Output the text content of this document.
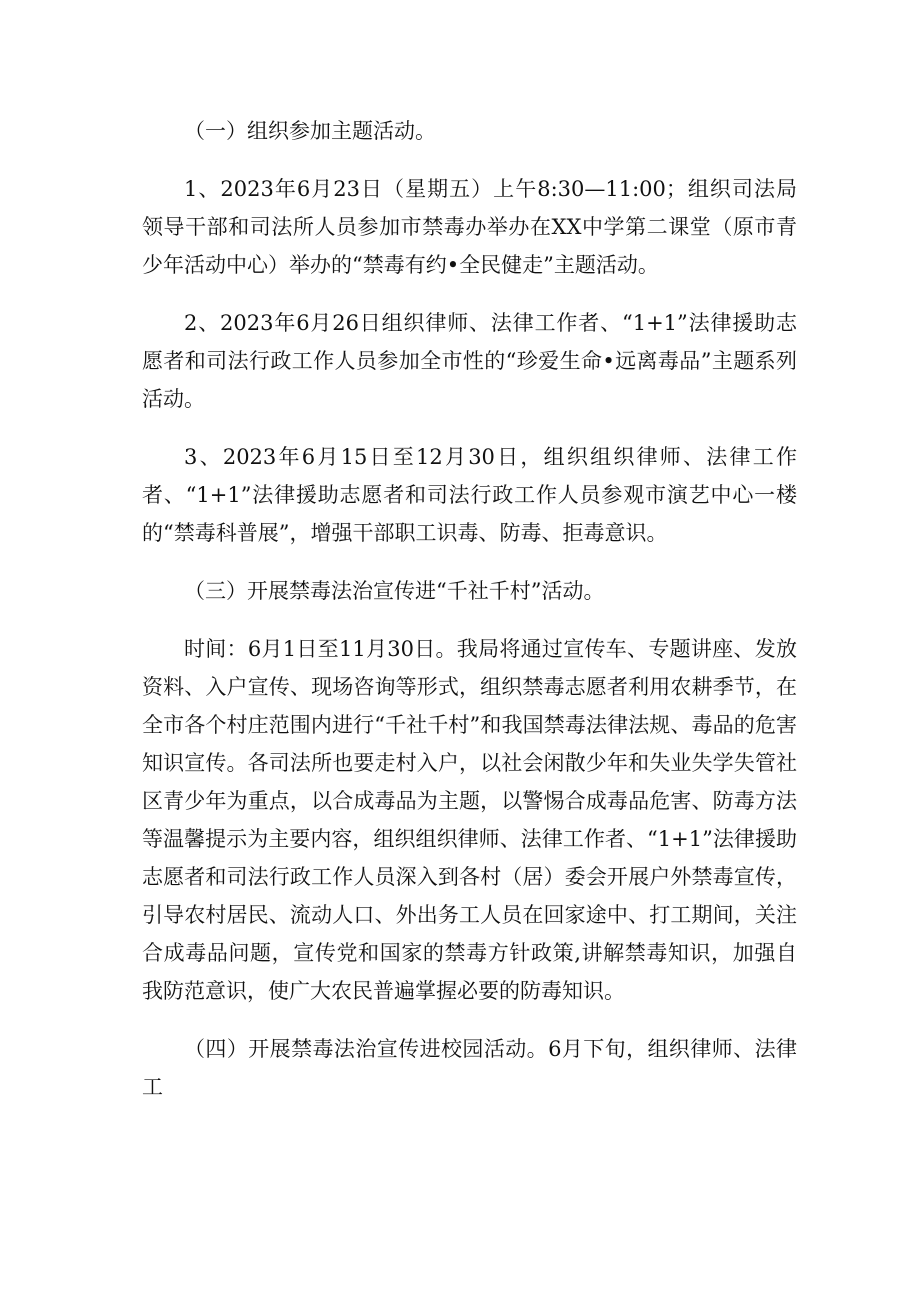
（一）组织参加主题活动。

1、2023年6月23日（星期五）上午8:30—11:00；组织司法局领导干部和司法所人员参加市禁毒办举办在XX中学第二课堂（原市青少年活动中心）举办的“禁毒有约•全民健走”主题活动。

2、2023年6月26日组织律师、法律工作者、“1+1”法律援助志愿者和司法行政工作人员参加全市性的“珍爱生命•远离毒品”主题系列活动。

3、2023年6月15日至12月30日，组织组织律师、法律工作者、“1+1”法律援助志愿者和司法行政工作人员参观市演艺中心一楼的“禁毒科普展”，增强干部职工识毒、防毒、拒毒意识。

（三）开展禁毒法治宣传进“千社千村”活动。

时间：6月1日至11月30日。我局将通过宣传车、专题讲座、发放资料、入户宣传、现场咨询等形式，组织禁毒志愿者利用农耕季节，在全市各个村庄范围内进行“千社千村”和我国禁毒法律法规、毒品的危害知识宣传。各司法所也要走村入户，以社会闲散少年和失业失学失管社区青少年为重点，以合成毒品为主题，以警惕合成毒品危害、防毒方法等温馨提示为主要内容，组织组织律师、法律工作者、“1+1”法律援助志愿者和司法行政工作人员深入到各村（居）委会开展户外禁毒宣传，引导农村居民、流动人口、外出务工人员在回家途中、打工期间，关注合成毒品问题，宣传党和国家的禁毒方针政策,讲解禁毒知识，加强自我防范意识，使广大农民普遍掌握必要的防毒知识。

（四）开展禁毒法治宣传进校园活动。6月下旬，组织律师、法律工
